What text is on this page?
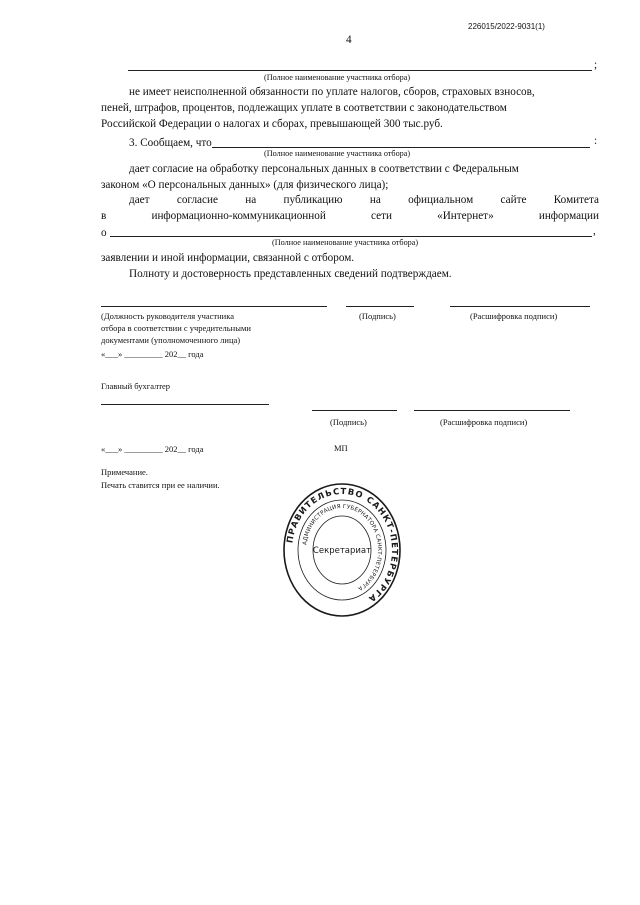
226015/2022-9031(1)
4
;
(Полное наименование участника отбора)
не имеет неисполненной обязанности по уплате налогов, сборов, страховых взносов,
пеней, штрафов, процентов, подлежащих уплате в соответствии с законодательством
Российской Федерации о налогах и сборах, превышающей 300 тыс.руб.
3. Сообщаем, что	:
(Полное наименование участника отбора)
дает согласие на обработку персональных данных в соответствии с Федеральным
законом «О персональных данных» (для физического лица);
дает согласие на публикацию на официальном сайте Комитета
в	информационно-коммуникационной	сети	«Интернет»	информации
о	,
(Полное наименование участника отбора)
заявлении и иной информации, связанной с отбором.
Полноту и достоверность представленных сведений подтверждаем.
(Должность руководителя участника
отбора в соответствии с учредительными
документами (уполномоченного лица)
«___» _________ 202__ года
(Подпись)	(Расшифровка подписи)
Главный бухгалтер
(Подпись)	(Расшифровка подписи)
«___» _________ 202__ года	МП
Примечание.
Печать ставится при ее наличии.
ПРАВИТЕЛЬСТВО САНКТ-ПЕТЕРБУРГА
АДМИНИСТРАЦИЯ ГУБЕРНАТОРА САНКТ-ПЕТЕРБУРГА
Секретариат
